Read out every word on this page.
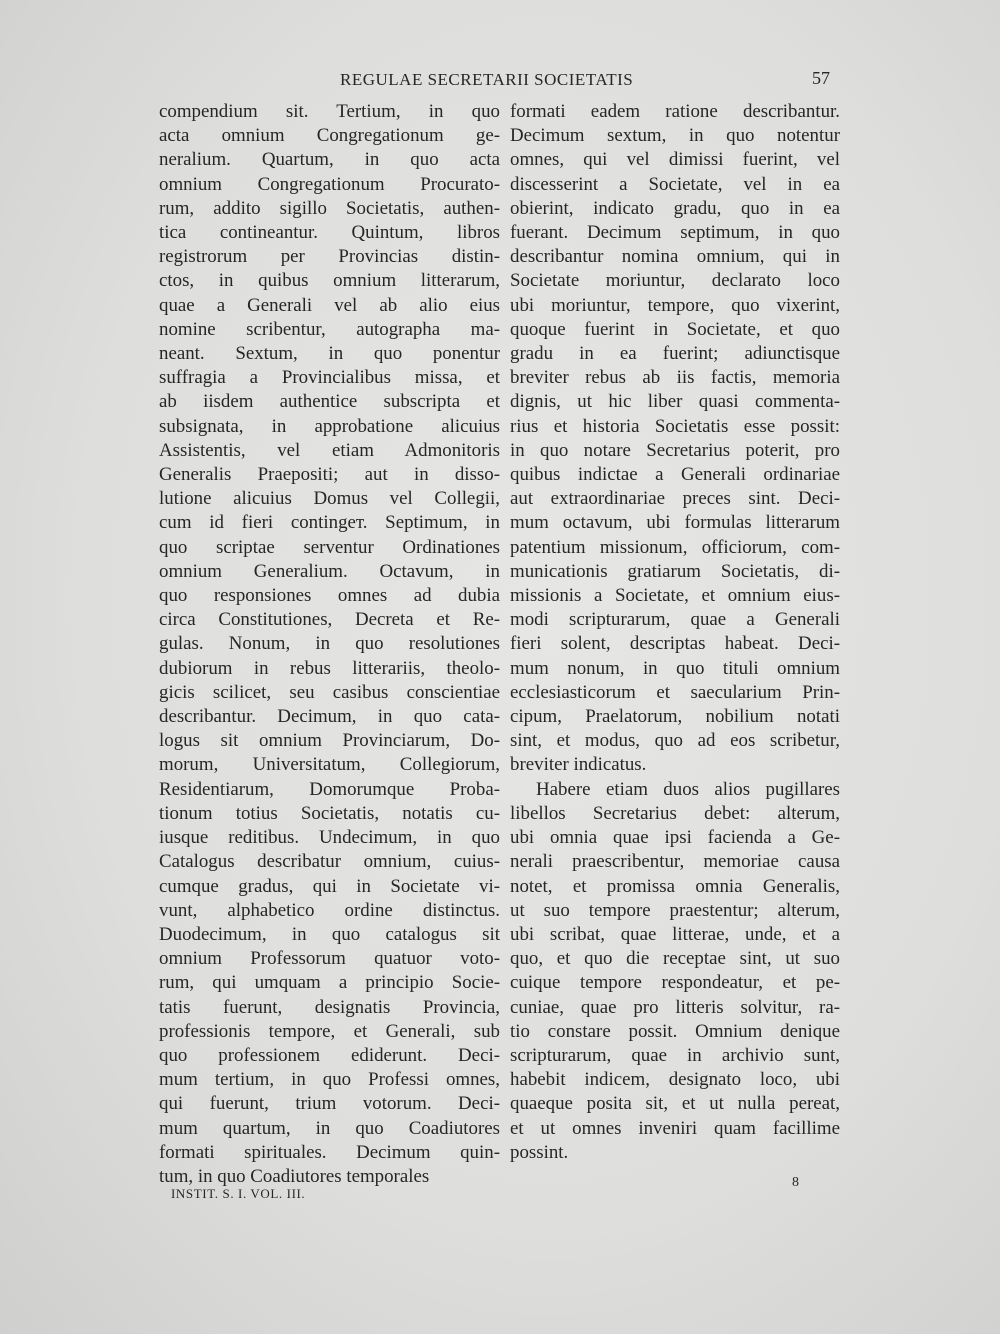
REGULAE SECRETARII SOCIETATIS	57
compendium sit. Tertium, in quo
acta omnium Congregationum ge-
neralium. Quartum, in quo acta
omnium Congregationum Procurato-
rum, addito sigillo Societatis, authen-
tica contineantur. Quintum, libros
registrorum per Provincias distin-
ctos, in quibus omnium litterarum,
quae a Generali vel ab alio eius
nomine scribentur, autographa ma-
neant. Sextum, in quo ponentur
suffragia a Provincialibus missa, et
ab iisdem authentice subscripta et
subsignata, in approbatione alicuius
Assistentis, vel etiam Admonitoris
Generalis Praepositi; aut in disso-
lutione alicuius Domus vel Collegii,
cum id fieri contingет. Septimum, in
quo scriptae serventur Ordinationes
omnium Generalium. Octavum, in
quo responsiones omnes ad dubia
circa Constitutiones, Decreta et Re-
gulas. Nonum, in quo resolutiones
dubiorum in rebus litterariis, theolo-
gicis scilicet, seu casibus conscientiae
describantur. Decimum, in quo cata-
logus sit omnium Provinciarum, Do-
morum, Universitatum, Collegiorum,
Residentiarum, Domorumque Proba-
tionum totius Societatis, notatis cu-
iusque reditibus. Undecimum, in quo
Catalogus describatur omnium, cuius-
cumque gradus, qui in Societate vi-
vunt, alphabetico ordine distinctus.
Duodecimum, in quo catalogus sit
omnium Professorum quatuor voto-
rum, qui umquam a principio Socie-
tatis fuerunt, designatis Provincia,
professionis tempore, et Generali, sub
quo professionem ediderunt. Deci-
mum tertium, in quo Professi omnes,
qui fuerunt, trium votorum. Deci-
mum quartum, in quo Coadiutores
formati spirituales. Decimum quin-
tum, in quo Coadiutores temporales
formati eadem ratione describantur.
Decimum sextum, in quo notentur
omnes, qui vel dimissi fuerint, vel
discesserint a Societate, vel in ea
obierint, indicato gradu, quo in ea
fuerant. Decimum septimum, in quo
describantur nomina omnium, qui in
Societate moriuntur, declarato loco
ubi moriuntur, tempore, quo vixerint,
quoque fuerint in Societate, et quo
gradu in ea fuerint; adiunctisque
breviter rebus ab iis factis, memoria
dignis, ut hic liber quasi commenta-
rius et historia Societatis esse possit:
in quo notare Secretarius poterit, pro
quibus indictae a Generali ordinariae
aut extraordinariae preces sint. Deci-
mum octavum, ubi formulas litterarum
patentium missionum, officiorum, com-
municationis gratiarum Societatis, di-
missionis a Societate, et omnium eius-
modi scripturarum, quae a Generali
fieri solent, descriptas habeat. Deci-
mum nonum, in quo tituli omnium
ecclesiasticorum et saecularium Prin-
cipum, Praelatorum, nobilium notati
sint, et modus, quo ad eos scribetur,
breviter indicatus.
Habere etiam duos alios pugillares
libellos Secretarius debet: alterum,
ubi omnia quae ipsi facienda a Ge-
nerali praescribentur, memoriae causa
notet, et promissa omnia Generalis,
ut suo tempore praestentur; alterum,
ubi scribat, quae litterae, unde, et a
quo, et quo die receptae sint, ut suo
cuique tempore respondeatur, et pe-
cuniae, quae pro litteris solvitur, ra-
tio constare possit. Omnium denique
scripturarum, quae in archivio sunt,
habebit indicem, designato loco, ubi
quaeque posita sit, et ut nulla pereat,
et ut omnes inveniri quam facillime
possint.
INSTIT. S. I. VOL. III.
8
